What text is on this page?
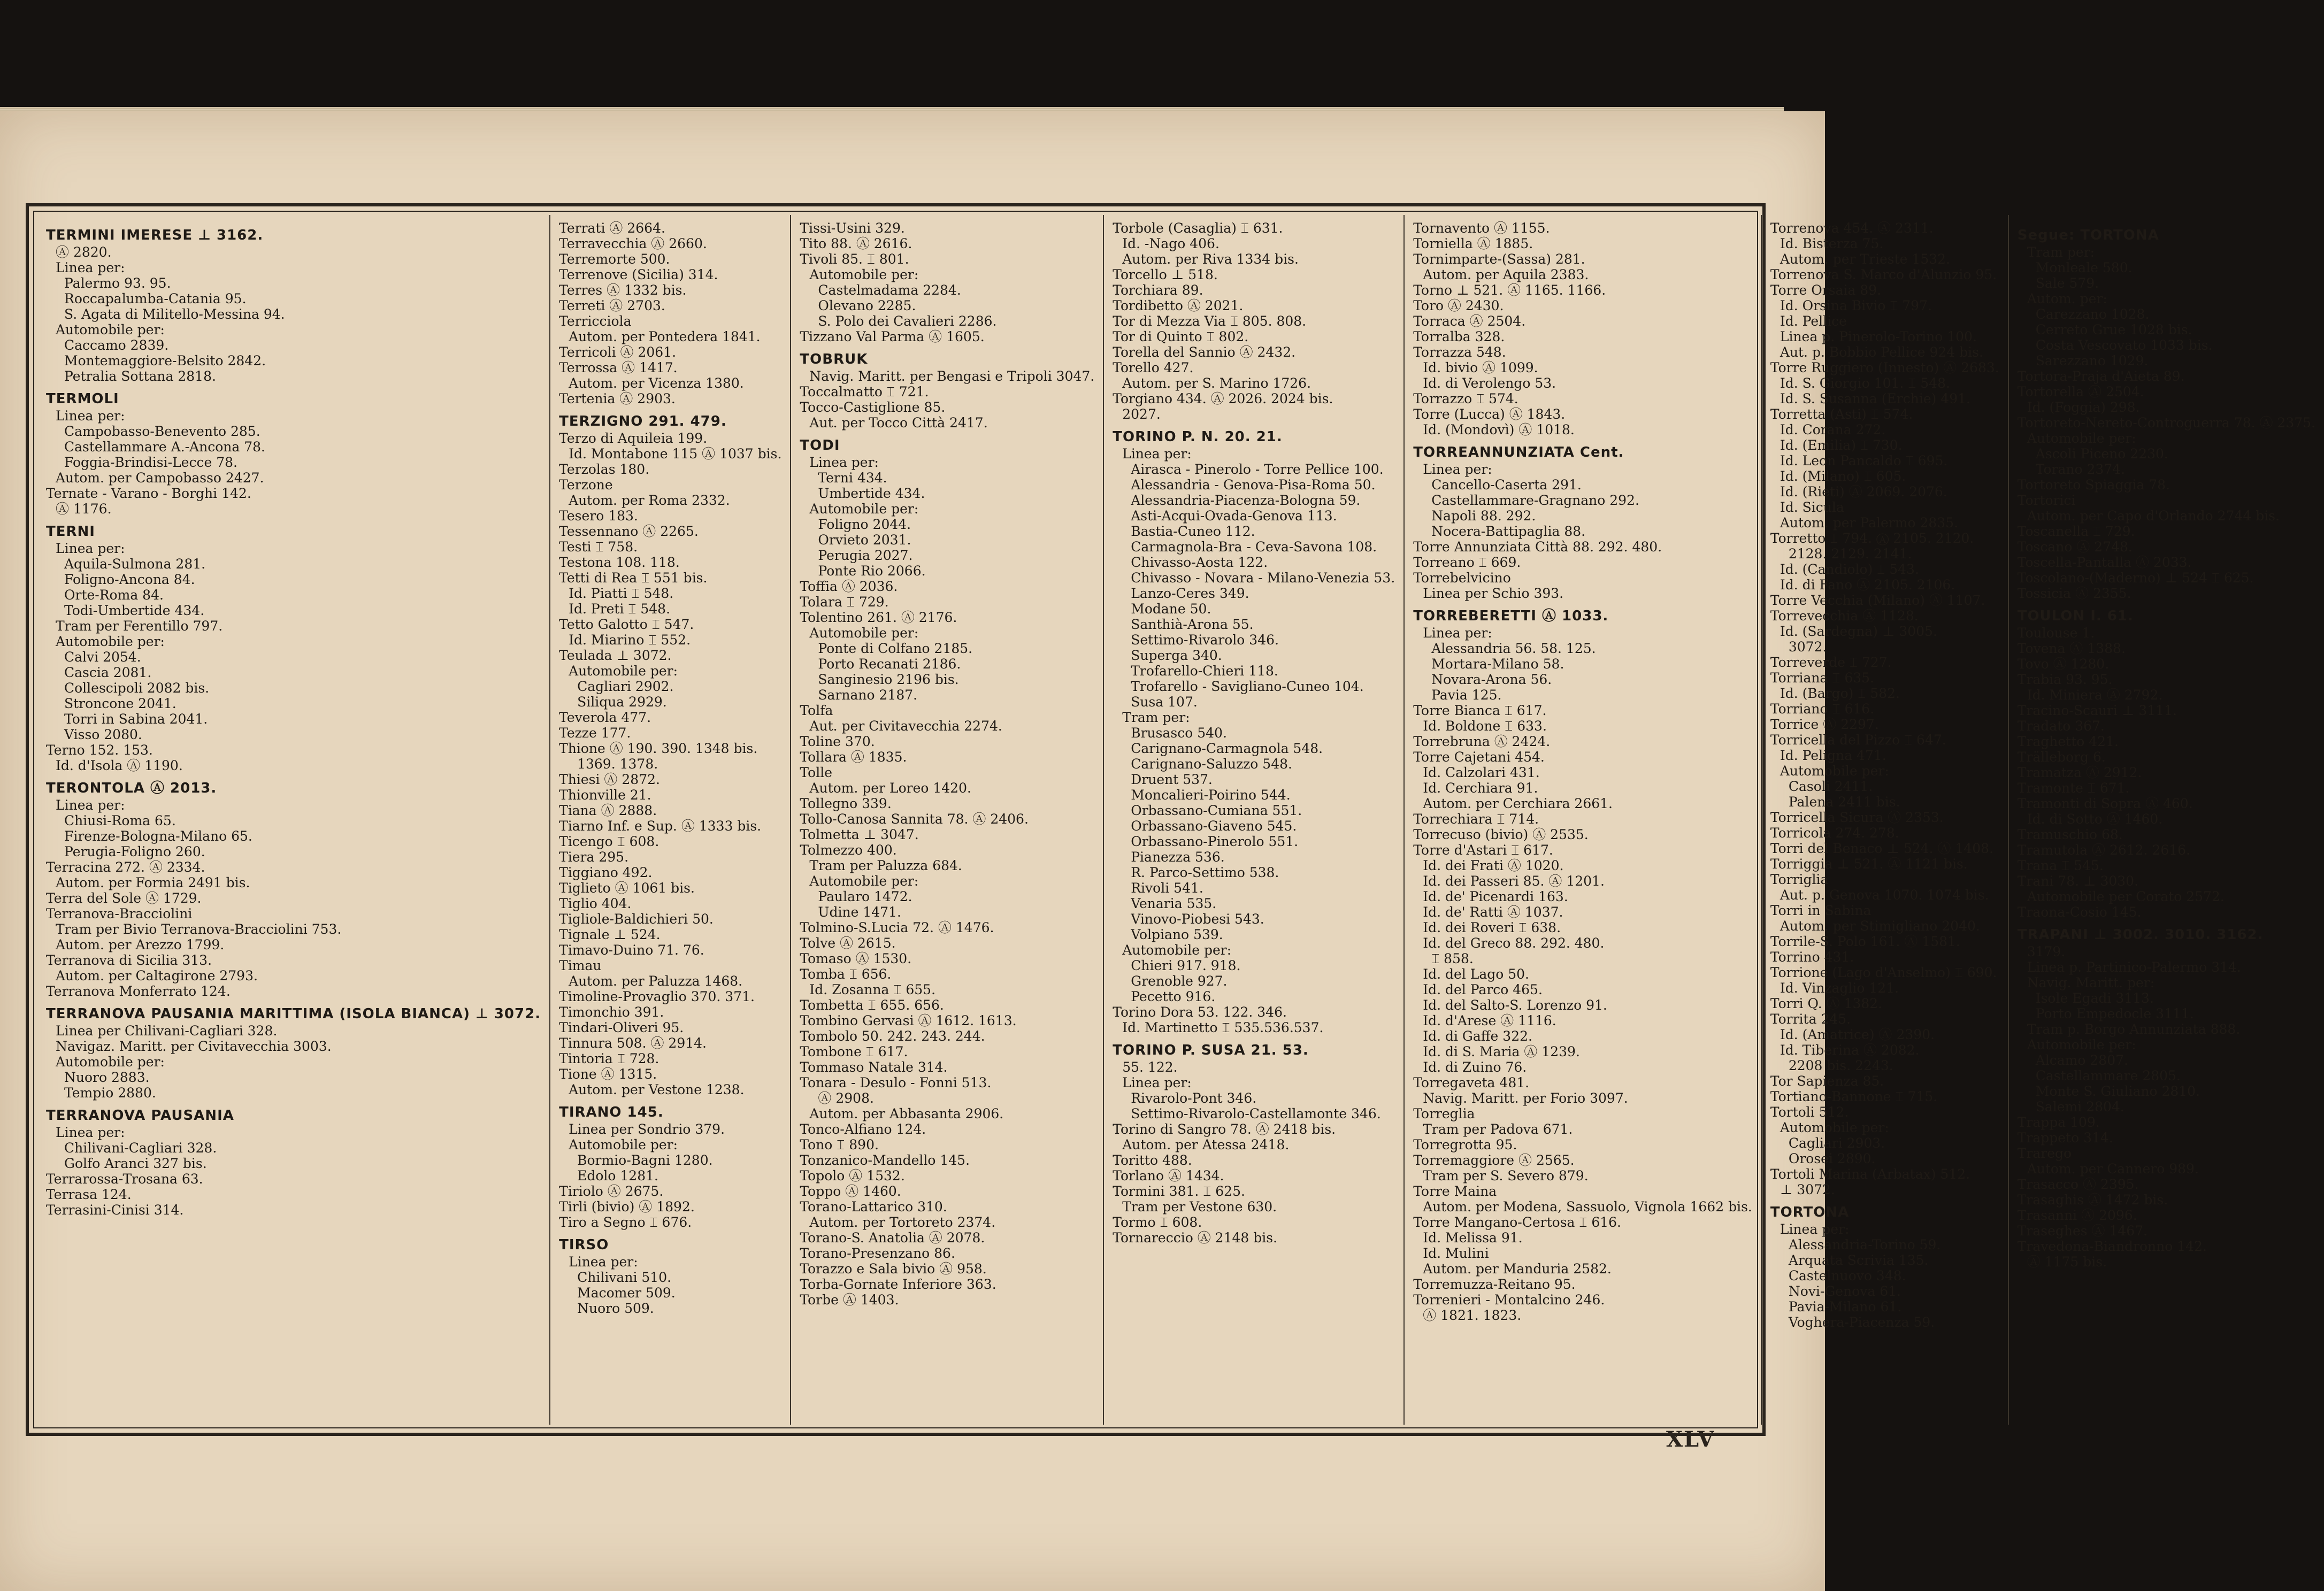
TERMINI IMERESE ⊥ 3162.
Ⓐ 2820.
Linea per:
Palermo 93. 95.
Roccapalumba-Catania 95.
S. Agata di Militello-Messina 94.
Automobile per:
Caccamo 2839.
Montemaggiore-Belsito 2842.
Petralia Sottana 2818.
TERMOLI
Linea per:
Campobasso-Benevento 285.
Castellammare A.-Ancona 78.
Foggia-Brindisi-Lecce 78.
Autom. per Campobasso 2427.
Ternate - Varano - Borghi 142.
Ⓐ 1176.
TERNI
Linea per:
Aquila-Sulmona 281.
Foligno-Ancona 84.
Orte-Roma 84.
Todi-Umbertide 434.
Tram per Ferentillo 797.
Automobile per:
Calvi 2054.
Cascia 2081.
Collescipoli 2082 bis.
Stroncone 2041.
Torri in Sabina 2041.
Visso 2080.
Terno 152. 153.
Id. d'Isola Ⓐ 1190.
TERONTOLA Ⓐ 2013.
Linea per:
Chiusi-Roma 65.
Firenze-Bologna-Milano 65.
Perugia-Foligno 260.
Terracina 272. Ⓐ 2334.
Autom. per Formia 2491 bis.
Terra del Sole Ⓐ 1729.
Terranova-Bracciolini
Tram per Bivio Terranova-Bracciolini 753.
Autom. per Arezzo 1799.
Terranova di Sicilia 313.
Autom. per Caltagirone 2793.
Terranova Monferrato 124.
TERRANOVA PAUSANIA MARITTIMA (ISOLA BIANCA) ⊥ 3072.
Linea per Chilivani-Cagliari 328.
Navigaz. Maritt. per Civitavecchia 3003.
Automobile per:
Nuoro 2883.
Tempio 2880.
TERRANOVA PAUSANIA
Linea per:
Chilivani-Cagliari 328.
Golfo Aranci 327 bis.
Terrarossa-Trosana 63.
Terrasa 124.
Terrasini-Cinisi 314.
Terrati Ⓐ 2664.
Terravecchia Ⓐ 2660.
Terremorte 500.
Terrenove (Sicilia) 314.
Terres Ⓐ 1332 bis.
Terreti Ⓐ 2703.
Terricciola
Autom. per Pontedera 1841.
Terricoli Ⓐ 2061.
Terrossa Ⓐ 1417.
Autom. per Vicenza 1380.
Tertenia Ⓐ 2903.
TERZIGNO 291. 479.
Terzo di Aquileia 199.
Id. Montabone 115 Ⓐ 1037 bis.
Terzolas 180.
Terzone
Autom. per Roma 2332.
Tesero 183.
Tessennano Ⓐ 2265.
Testi ⌶ 758.
Testona 108. 118.
Tetti di Rea ⌶ 551 bis.
Id. Piatti ⌶ 548.
Id. Preti ⌶ 548.
Tetto Galotto ⌶ 547.
Id. Miarino ⌶ 552.
Teulada ⊥ 3072.
Automobile per:
Cagliari 2902.
Siliqua 2929.
Teverola 477.
Tezze 177.
Thione Ⓐ 190. 390. 1348 bis.
1369. 1378.
Thiesi Ⓐ 2872.
Thionville 21.
Tiana Ⓐ 2888.
Tiarno Inf. e Sup. Ⓐ 1333 bis.
Ticengo ⌶ 608.
Tiera 295.
Tiggiano 492.
Tiglieto Ⓐ 1061 bis.
Tiglio 404.
Tigliole-Baldichieri 50.
Tignale ⊥ 524.
Timavo-Duino 71. 76.
Timau
Autom. per Paluzza 1468.
Timoline-Provaglio 370. 371.
Timonchio 391.
Tindari-Oliveri 95.
Tinnura 508. Ⓐ 2914.
Tintoria ⌶ 728.
Tione Ⓐ 1315.
Autom. per Vestone 1238.
TIRANO 145.
Linea per Sondrio 379.
Automobile per:
Bormio-Bagni 1280.
Edolo 1281.
Tiriolo Ⓐ 2675.
Tirli (bivio) Ⓐ 1892.
Tiro a Segno ⌶ 676.
TIRSO
Linea per:
Chilivani 510.
Macomer 509.
Nuoro 509.
Tissi-Usini 329.
Tito 88. Ⓐ 2616.
Tivoli 85. ⌶ 801.
Automobile per:
Castelmadama 2284.
Olevano 2285.
S. Polo dei Cavalieri 2286.
Tizzano Val Parma Ⓐ 1605.
TOBRUK
Navig. Maritt. per Bengasi e Tripoli 3047.
Toccalmatto ⌶ 721.
Tocco-Castiglione 85.
Aut. per Tocco Città 2417.
TODI
Linea per:
Terni 434.
Umbertide 434.
Automobile per:
Foligno 2044.
Orvieto 2031.
Perugia 2027.
Ponte Rio 2066.
Toffia Ⓐ 2036.
Tolara ⌶ 729.
Tolentino 261. Ⓐ 2176.
Automobile per:
Ponte di Colfano 2185.
Porto Recanati 2186.
Sanginesio 2196 bis.
Sarnano 2187.
Tolfa
Aut. per Civitavecchia 2274.
Toline 370.
Tollara Ⓐ 1835.
Tolle
Autom. per Loreo 1420.
Tollegno 339.
Tollo-Canosa Sannita 78. Ⓐ 2406.
Tolmetta ⊥ 3047.
Tolmezzo 400.
Tram per Paluzza 684.
Automobile per:
Paularo 1472.
Udine 1471.
Tolmino-S.Lucia 72. Ⓐ 1476.
Tolve Ⓐ 2615.
Tomaso Ⓐ 1530.
Tomba ⌶ 656.
Id. Zosanna ⌶ 655.
Tombetta ⌶ 655. 656.
Tombino Gervasi Ⓐ 1612. 1613.
Tombolo 50. 242. 243. 244.
Tombone ⌶ 617.
Tommaso Natale 314.
Tonara - Desulo - Fonni 513.
Ⓐ 2908.
Autom. per Abbasanta 2906.
Tonco-Alfiano 124.
Tono ⌶ 890.
Tonzanico-Mandello 145.
Topolo Ⓐ 1532.
Toppo Ⓐ 1460.
Torano-Lattarico 310.
Autom. per Tortoreto 2374.
Torano-S. Anatolia Ⓐ 2078.
Torano-Presenzano 86.
Torazzo e Sala bivio Ⓐ 958.
Torba-Gornate Inferiore 363.
Torbe Ⓐ 1403.
Torbole (Casaglia) ⌶ 631.
Id. -Nago 406.
Autom. per Riva 1334 bis.
Torcello ⊥ 518.
Torchiara 89.
Tordibetto Ⓐ 2021.
Tor di Mezza Via ⌶ 805. 808.
Tor di Quinto ⌶ 802.
Torella del Sannio Ⓐ 2432.
Torello 427.
Autom. per S. Marino 1726.
Torgiano 434. Ⓐ 2026. 2024 bis.
2027.
TORINO P. N. 20. 21.
Linea per:
Airasca - Pinerolo - Torre Pellice 100.
Alessandria - Genova-Pisa-Roma 50.
Alessandria-Piacenza-Bologna 59.
Asti-Acqui-Ovada-Genova 113.
Bastia-Cuneo 112.
Carmagnola-Bra - Ceva-Savona 108.
Chivasso-Aosta 122.
Chivasso - Novara - Milano-Venezia 53.
Lanzo-Ceres 349.
Modane 50.
Santhià-Arona 55.
Settimo-Rivarolo 346.
Superga 340.
Trofarello-Chieri 118.
Trofarello - Savigliano-Cuneo 104.
Susa 107.
Tram per:
Brusasco 540.
Carignano-Carmagnola 548.
Carignano-Saluzzo 548.
Druent 537.
Moncalieri-Poirino 544.
Orbassano-Cumiana 551.
Orbassano-Giaveno 545.
Orbassano-Pinerolo 551.
Pianezza 536.
R. Parco-Settimo 538.
Rivoli 541.
Venaria 535.
Vinovo-Piobesi 543.
Volpiano 539.
Automobile per:
Chieri 917. 918.
Grenoble 927.
Pecetto 916.
Torino Dora 53. 122. 346.
Id. Martinetto ⌶ 535.536.537.
TORINO P. SUSA 21. 53.
55. 122.
Linea per:
Rivarolo-Pont 346.
Settimo-Rivarolo-Castellamonte 346.
Torino di Sangro 78. Ⓐ 2418 bis.
Autom. per Atessa 2418.
Toritto 488.
Torlano Ⓐ 1434.
Tormini 381. ⌶ 625.
Tram per Vestone 630.
Tormo ⌶ 608.
Tornareccio Ⓐ 2148 bis.
Tornavento Ⓐ 1155.
Torniella Ⓐ 1885.
Tornimparte-(Sassa) 281.
Autom. per Aquila 2383.
Torno ⊥ 521. Ⓐ 1165. 1166.
Toro Ⓐ 2430.
Torraca Ⓐ 2504.
Torralba 328.
Torrazza 548.
Id. bivio Ⓐ 1099.
Id. di Verolengo 53.
Torrazzo ⌶ 574.
Torre (Lucca) Ⓐ 1843.
Id. (Mondovì) Ⓐ 1018.
TORREANNUNZIATA Cent.
Linea per:
Cancello-Caserta 291.
Castellammare-Gragnano 292.
Napoli 88. 292.
Nocera-Battipaglia 88.
Torre Annunziata Città 88. 292. 480.
Torreano ⌶ 669.
Torrebelvicino
Linea per Schio 393.
TORREBERETTI Ⓐ 1033.
Linea per:
Alessandria 56. 58. 125.
Mortara-Milano 58.
Novara-Arona 56.
Pavia 125.
Torre Bianca ⌶ 617.
Id. Boldone ⌶ 633.
Torrebruna Ⓐ 2424.
Torre Cajetani 454.
Id. Calzolari 431.
Id. Cerchiara 91.
Autom. per Cerchiara 2661.
Torrechiara ⌶ 714.
Torrecuso (bivio) Ⓐ 2535.
Torre d'Astari ⌶ 617.
Id. dei Frati Ⓐ 1020.
Id. dei Passeri 85. Ⓐ 1201.
Id. de' Picenardi 163.
Id. de' Ratti Ⓐ 1037.
Id. dei Roveri ⌶ 638.
Id. del Greco 88. 292. 480.
⌶ 858.
Id. del Lago 50.
Id. del Parco 465.
Id. del Salto-S. Lorenzo 91.
Id. d'Arese Ⓐ 1116.
Id. di Gaffe 322.
Id. di S. Maria Ⓐ 1239.
Id. di Zuino 76.
Torregaveta 481.
Navig. Maritt. per Forio 3097.
Torreglia
Tram per Padova 671.
Torregrotta 95.
Torremaggiore Ⓐ 2565.
Tram per S. Severo 879.
Torre Maina
Autom. per Modena, Sassuolo, Vignola 1662 bis.
Torre Mangano-Certosa ⌶ 616.
Id. Melissa 91.
Id. Mulini
Autom. per Manduria 2582.
Torremuzza-Reitano 95.
Torrenieri - Montalcino 246.
Ⓐ 1821. 1823.
Torrenova 454. Ⓐ 2311.
Id. Bisterza 75.
Autom. per Trieste 1532.
Torrenova S. Marco d'Alunzio 95.
Torre Orsaia 89.
Id. Orsina Bivio ⌶ 797.
Id. Pellice
Linea p. Pinerolo-Torino 100.
Aut. p. Bobbio Pellice 924 bis.
Torre Ruggiero (Innesto) Ⓐ 2683.
Id. S. Giorgio 101. ⌶ 548.
Id. S. Susanna (Erchie) 491.
Torretta (Asti) ⌶ 574.
Id. Corana 272.
Id. (Emilia) ⌶ 730.
Id. Leon Pancaldo ⌶ 695.
Id. (Milano) ⌶ 605.
Id. (Rieti) Ⓐ 2069. 2076.
Id. Sicula
Autom. per Palermo 2835.
Torretto ⌶ 794. Ⓐ 2105. 2120.
2128. 2129. 2141.
Id. (Candiolo) ⌶ 543.
Id. di Fano Ⓐ 2105. 2106.
Torre Vecchia (Milano) Ⓐ 1107.
Torrevecchia Ⓐ 1128.
Id. (Sardegna) ⊥ 3005.
3072.
Torreverde ⌶ 727.
Torriana ⌶ 635.
Id. (Bargo) ⌶ 582.
Torriano ⌶ 616.
Torrice Ⓐ 2297.
Torricella del Pizzo ⌶ 647.
Id. Peligna 471.
Automobile per:
Casoli 2411.
Palena 2411 bis.
Torricella Sicura Ⓐ 2353.
Torricola 274. 278.
Torri del Benaco ⊥ 524. Ⓐ 1408.
Torriggia ⊥ 521. Ⓐ 1121 bis.
Torriglia
Aut. p. Genova 1070. 1074 bis.
Torri in Sabina
Autom. per Stimigliano 2040.
Torrile-S. Polo 161. Ⓐ 1581.
Torrino 431.
Torrione (Lago d'Anselmo) ⌶ 690.
Id. Vinzaglio 121.
Torri Q. Ⓐ 1382.
Torrita 245.
Id. (Amatrice) Ⓐ 2390.
Id. Tiberina Ⓐ 2082.
2208 bis. 2243.
Tor Sapienza 85.
Tortiano-Bannone ⌶ 715.
Tortoli 512.
Automobile per:
Cagliari 2903.
Orosei 2890.
Tortoli Marina (Arbatax) 512.
⊥ 3072.
TORTONA
Linea per:
Alessandria-Torino 59.
Arquata Scrivia 135.
Castelnuovo 348.
Novi-Genova 61.
Pavia-Milano 61.
Voghera-Piacenza 59.
Segue: TORTONA
Tram per:
Monleale 580.
Sale 579.
Autom. per:
Carezzano 1028.
Cerreto Grue 1028 bis.
Costa Vescovato 1033 bis.
Sarezzano 1029.
Tortora-Praja d'Aieta 89.
Tortorella Ⓐ 2504.
Id. (Foggia) 298.
Tortoreto-Nereto-Controguerra 78. Ⓐ 2375.
Automobile per:
Ascoli Piceno 2230.
Torano 2374.
Tortoreto Spiaggia 78.
Tortorici
Autom. per Capo d'Orlando 2744 bis.
Toscanella ⌶ 729.
Toscano Ⓐ 2748.
Toscella-Pantalla Ⓐ 2033.
Toscolano-(Maderno) ⊥ 524 ⌶ 625.
Tossicia Ⓐ 2355.
TOULON I. 61.
Toulouse 1.
Tovena Ⓐ 1388.
Tovo Ⓐ 1280.
Trabia 93. 95.
Id. Miniera Ⓐ 2792.
Tracino-Scauri ⊥ 3111.
Tradato 367.
Traghetto 421.
Trälleborg 6.
Tramatza Ⓐ 2912.
Tramonte ⌶ 671.
Tramonti di Sopra Ⓐ 460.
Id. di Sotto Ⓐ 1460.
Tramuschio 68.
Tramutola Ⓐ 2612. 2616.
Trana ⌶ 545.
Trani 78. ⊥ 3030.
Automobile per Corato 2572.
Traona-Cosio 145.
TRAPANI ⊥ 3002. 3010. 3162.
3179.
Linea p. Partinico-Palermo 314.
Navig. Maritt. per:
Isole Egadi 3113.
Porto Empedocle 3111.
Tram p. Borgo Annunziata 888.
Automobile per:
Alcamo 2807.
Castellammare 2805.
Monte S. Giuliano 2810.
Salemi 2804.
Trappa 109.
Trappeto 314.
Trarego
Autom. per Cannero 989.
Trasacco Ⓐ 2395.
Trasaghis Ⓐ 1472 bis.
Trasanni Ⓐ 2096.
Traseghes Ⓐ 1467.
Travedona-Biandronno 142.
Ⓐ 1175 bis.
XLV
